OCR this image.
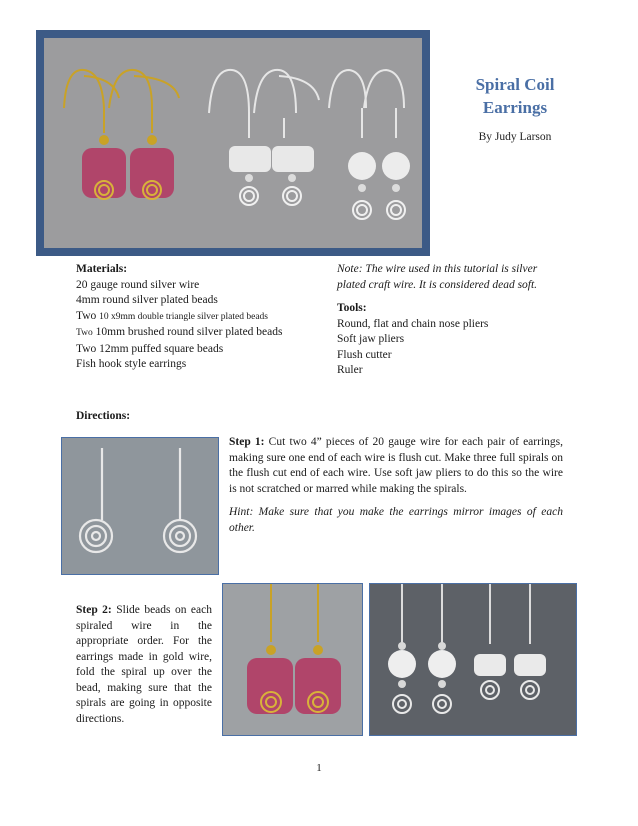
Spiral Coil
Earrings
By Judy Larson
Materials:
20 gauge round silver wire
4mm round silver plated beads
Two 10 x9mm double triangle silver plated beads
Two 10mm brushed round silver plated beads
Two 12mm puffed square beads
Fish hook style earrings
Note: The wire used in this tutorial is silver
plated craft wire. It is considered dead soft.
Tools:
Round, flat and chain nose pliers
Soft jaw pliers
Flush cutter
Ruler
Directions:
Step 1: Cut two 4” pieces of 20 gauge wire for each pair of earrings, making sure one end of each wire is flush cut. Make three full spirals on the flush cut end of each wire. Use soft jaw pliers to do this so the wire is not scratched or marred while making the spirals.
Hint: Make sure that you make the earrings mirror images of each other.
Step 2: Slide beads on each spiraled wire in the appropriate order. For the earrings made in gold wire, fold the spiral up over the bead, making sure that the spirals are going in opposite directions.
1
